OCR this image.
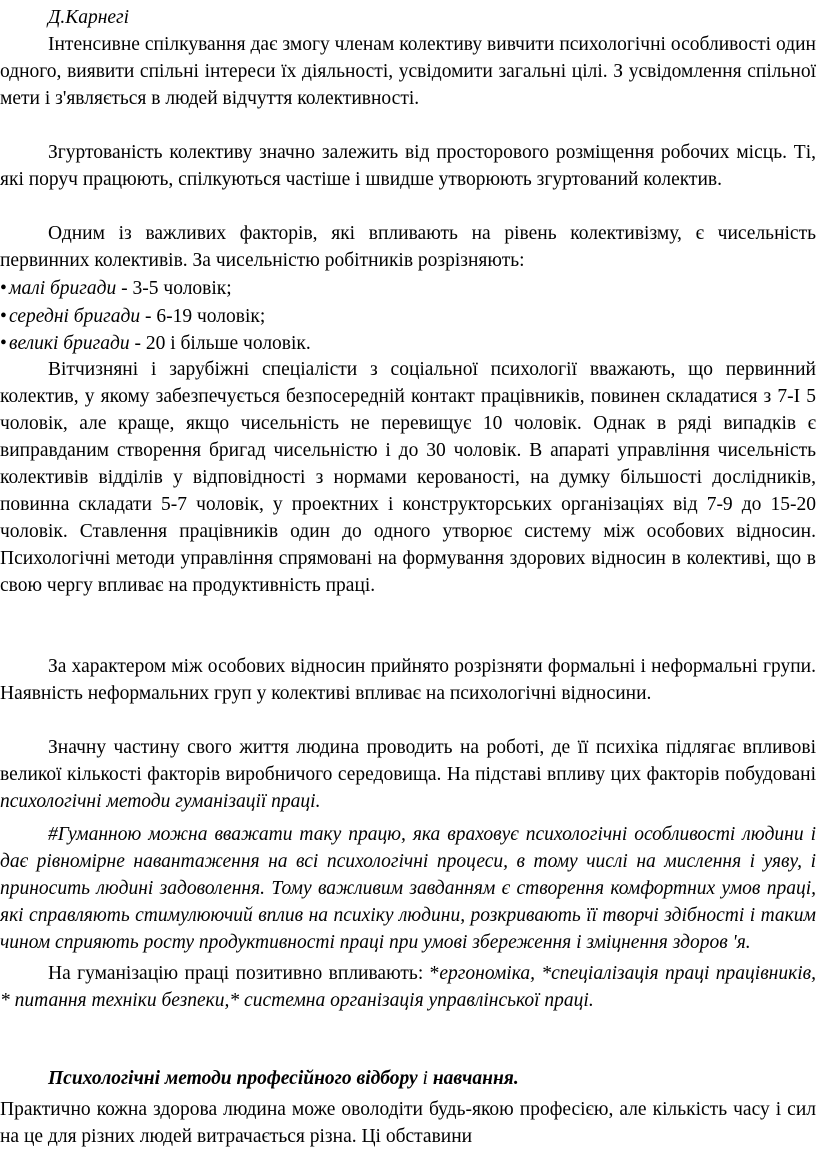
Д.Карнегі

Інтенсивне спілкування дає змогу членам колективу вивчити психологічні особливості один одного, виявити спільні інтереси їх діяльності, усвідомити загальні цілі. З усвідомлення спільної мети і з'являється в людей відчуття колективності.

Згуртованість колективу значно залежить від просторового розміщення робочих місць. Ті, які поруч працюють, спілкуються частіше і швидше утворюють згуртований колектив.

Одним із важливих факторів, які впливають на рівень колективізму, є чисельність первинних колективів. За чисельністю робітників розрізняють:

• малі бригади - 3-5 чоловік;
• середні бригади - 6-19 чоловік;
• великі бригади - 20 і більше чоловік.

Вітчизняні і зарубіжні спеціалісти з соціальної психології вважають, що первинний колектив, у якому забезпечується безпосередній контакт працівників, повинен складатися з 7-І 5 чоловік, але краще, якщо чисельність не перевищує 10 чоловік. Однак в ряді випадків є виправданим створення бригад чисельністю і до 30 чоловік. В апараті управління чисельність колективів відділів у відповідності з нормами керованості, на думку більшості дослідників, повинна складати 5-7 чоловік, у проектних і конструкторських організаціях від 7-9 до 15-20 чоловік. Ставлення працівників один до одного утворює систему між особових відносин. Психологічні методи управління спрямовані на формування здорових відносин в колективі, що в свою чергу впливає на продуктивність праці.

За характером між особових відносин прийнято розрізняти формальні і неформальні групи. Наявність неформальних груп у колективі впливає на психологічні відносини.

Значну частину свого життя людина проводить на роботі, де її психіка підлягає впливові великої кількості факторів виробничого середовища. На підставі впливу цих факторів побудовані психологічні методи гуманізації праці.

#Гуманною можна вважати таку працю, яка враховує психологічні особливості людини і дає рівномірне навантаження на всі психологічні процеси, в тому числі на мислення і уяву, і приносить людині задоволення. Тому важливим завданням є створення комфортних умов праці, які справляють стимулюючий вплив на психіку людини, розкривають її творчі здібності і таким чином сприяють росту продуктивності праці при умові збереження і зміцнення здоров 'я.

На гуманізацію праці позитивно впливають: *ергономіка, *спеціалізація праці працівників, * питання техніки безпеки,* системна організація управлінської праці.

Психологічні методи професійного відбору і навчання.

Практично кожна здорова людина може оволодіти будь-якою професією, але кількість часу і сил на це для різних людей витрачається різна. Ці обставини
